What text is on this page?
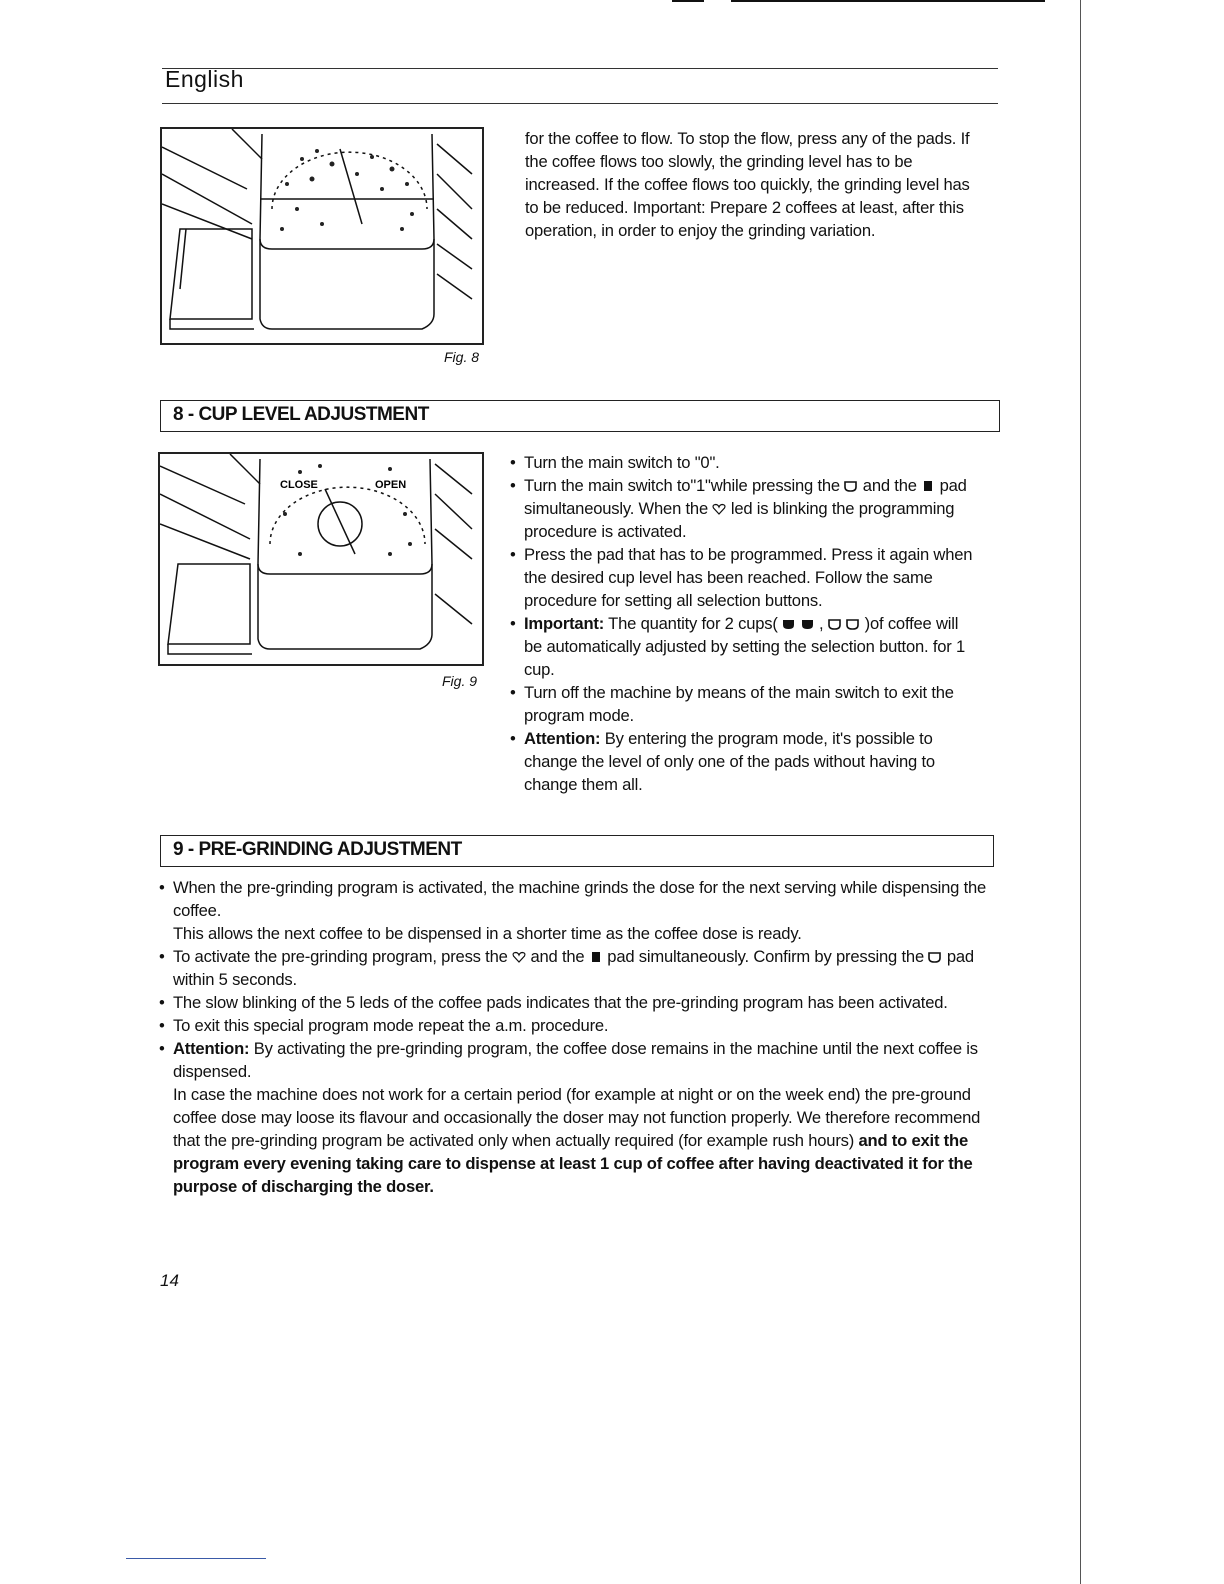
English
Fig. 8
for the coffee to flow. To stop the flow, press any of the pads. If the coffee flows too slowly, the grinding level has to be increased. If the coffee flows too quickly, the grinding level has to be reduced. Important: Prepare 2 coffees at least, after this operation, in order to enjoy the grinding variation.
8 - CUP LEVEL ADJUSTMENT
CLOSE	OPEN
Fig. 9
• Turn the main switch to "0".
• Turn the main switch to"1"while pressing the and the pad simultaneously. When the led is blinking the programming procedure is activated.
• Press the pad that has to be programmed. Press it again when the desired cup level has been reached. Follow the same procedure for setting all selection buttons.
• Important: The quantity for 2 cups( , )of coffee will be automatically adjusted by setting the selection button. for 1 cup.
• Turn off the machine by means of the main switch to exit the program mode.
• Attention: By entering the program mode, it's possible to change the level of only one of the pads without having to change them all.
9 - PRE-GRINDING ADJUSTMENT
• When the pre-grinding program is activated, the machine grinds the dose for the next serving while dispensing the coffee.
This allows the next coffee to be dispensed in a shorter time as the coffee dose is ready.
• To activate the pre-grinding program, press the and the pad simultaneously. Confirm by pressing the pad within 5 seconds.
• The slow blinking of the 5 leds of the coffee pads indicates that the pre-grinding program has been activated.
• To exit this special program mode repeat the a.m. procedure.
• Attention: By activating the pre-grinding program, the coffee dose remains in the machine until the next coffee is dispensed.
In case the machine does not work for a certain period (for example at night or on the week end) the pre-ground coffee dose may loose its flavour and occasionally the doser may not function properly. We therefore recommend that the pre-grinding program be activated only when actually required (for example rush hours) and to exit the program every evening taking care to dispense at least 1 cup of coffee after having deactivated it for the purpose of discharging the doser.
14
